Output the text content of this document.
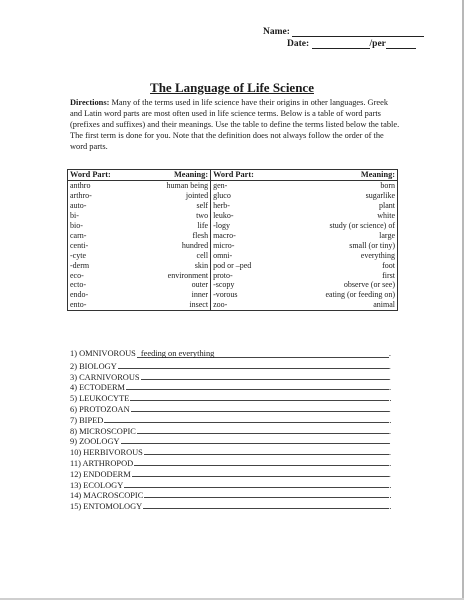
Name:
Date:	/per
The Language of Life Science
Directions: Many of the terms used in life science have their origins in other languages. Greek and Latin word parts are most often used in life science terms. Below is a table of word parts (prefixes and suffixes) and their meanings. Use the table to define the terms listed below the table. The first term is done for you. Note that the definition does not always follow the order of the word parts.
Word Part:	Meaning:	Word Part:	Meaning:
anthro	human being	gen-	born
arthro-	jointed	gluco	sugarlike
auto-	self	herb-	plant
bi-	two	leuko-	white
bio-	life	-logy	study (or science) of
carn-	flesh	macro-	large
centi-	hundred	micro-	small (or tiny)
-cyte	cell	omni-	everything
-derm	skin	pod or –ped	foot
eco-	environment	proto-	first
ecto-	outer	-scopy	observe (or see)
endo-	inner	-vorous	eating (or feeding on)
ento-	insect	zoo-	animal
1) OMNIVOROUS feeding on everything	.
2) BIOLOGY	.
3) CARNIVOROUS	.
4) ECTODERM	.
5) LEUKOCYTE	.
6) PROTOZOAN	.
7) BIPED	.
8) MICROSCOPIC	.
9) ZOOLOGY	.
10) HERBIVOROUS	.
11) ARTHROPOD	.
12) ENDODERM	.
13) ECOLOGY	.
14) MACROSCOPIC	.
15) ENTOMOLOGY	.
